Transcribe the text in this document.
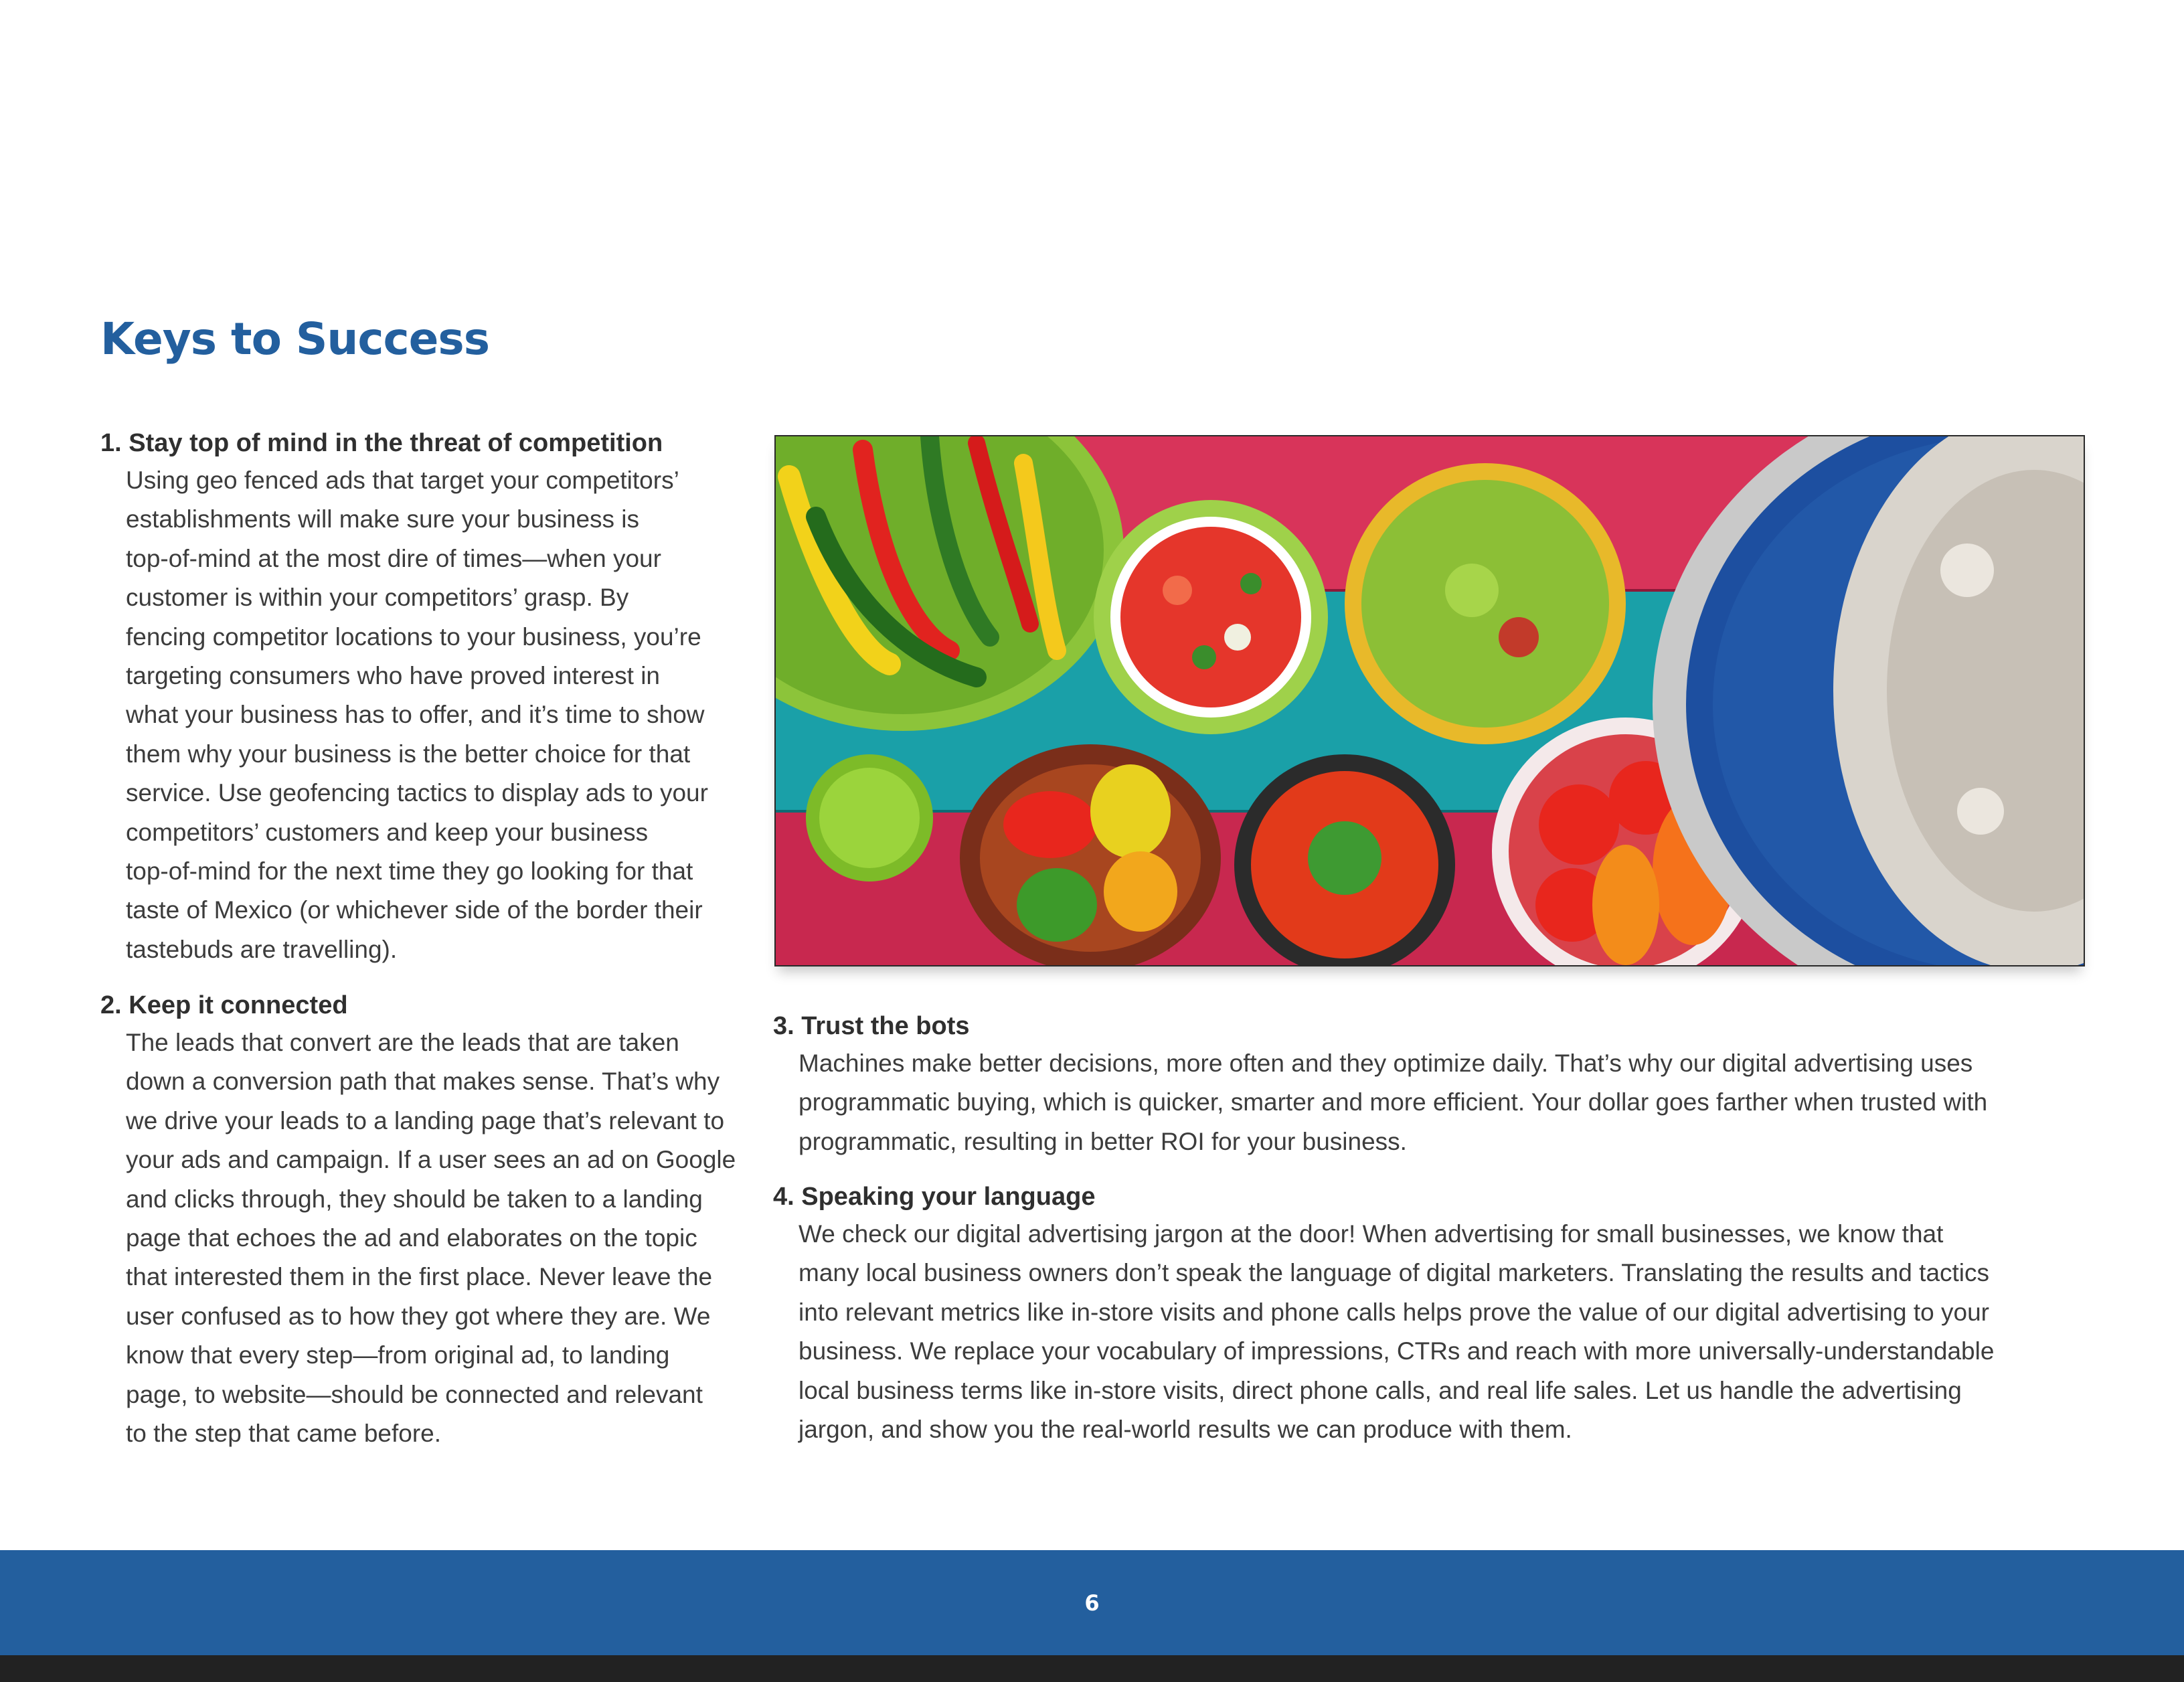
Keys to Success
1. Stay top of mind in the threat of competition
Using geo fenced ads that target your competitors’
establishments will make sure your business is
top-of-mind at the most dire of times—when your
customer is within your competitors’ grasp. By
fencing competitor locations to your business, you’re
targeting consumers who have proved interest in
what your business has to offer, and it’s time to show
them why your business is the better choice for that
service. Use geofencing tactics to display ads to your
competitors’ customers and keep your business
top-of-mind for the next time they go looking for that
taste of Mexico (or whichever side of the border their
tastebuds are travelling).
2. Keep it connected
The leads that convert are the leads that are taken
down a conversion path that makes sense. That’s why
we drive your leads to a landing page that’s relevant to
your ads and campaign. If a user sees an ad on Google
and clicks through, they should be taken to a landing
page that echoes the ad and elaborates on the topic
that interested them in the first place. Never leave the
user confused as to how they got where they are. We
know that every step—from original ad, to landing
page, to website—should be connected and relevant
to the step that came before.
3. Trust the bots
Machines make better decisions, more often and they optimize daily. That’s why our digital advertising uses
programmatic buying, which is quicker, smarter and more efficient. Your dollar goes farther when trusted with
programmatic, resulting in better ROI for your business.
4. Speaking your language
We check our digital advertising jargon at the door! When advertising for small businesses, we know that
many local business owners don’t speak the language of digital marketers. Translating the results and tactics
into relevant metrics like in-store visits and phone calls helps prove the value of our digital advertising to your
business. We replace your vocabulary of impressions, CTRs and reach with more universally-understandable
local business terms like in-store visits, direct phone calls, and real life sales. Let us handle the advertising
jargon, and show you the real-world results we can produce with them.
6
